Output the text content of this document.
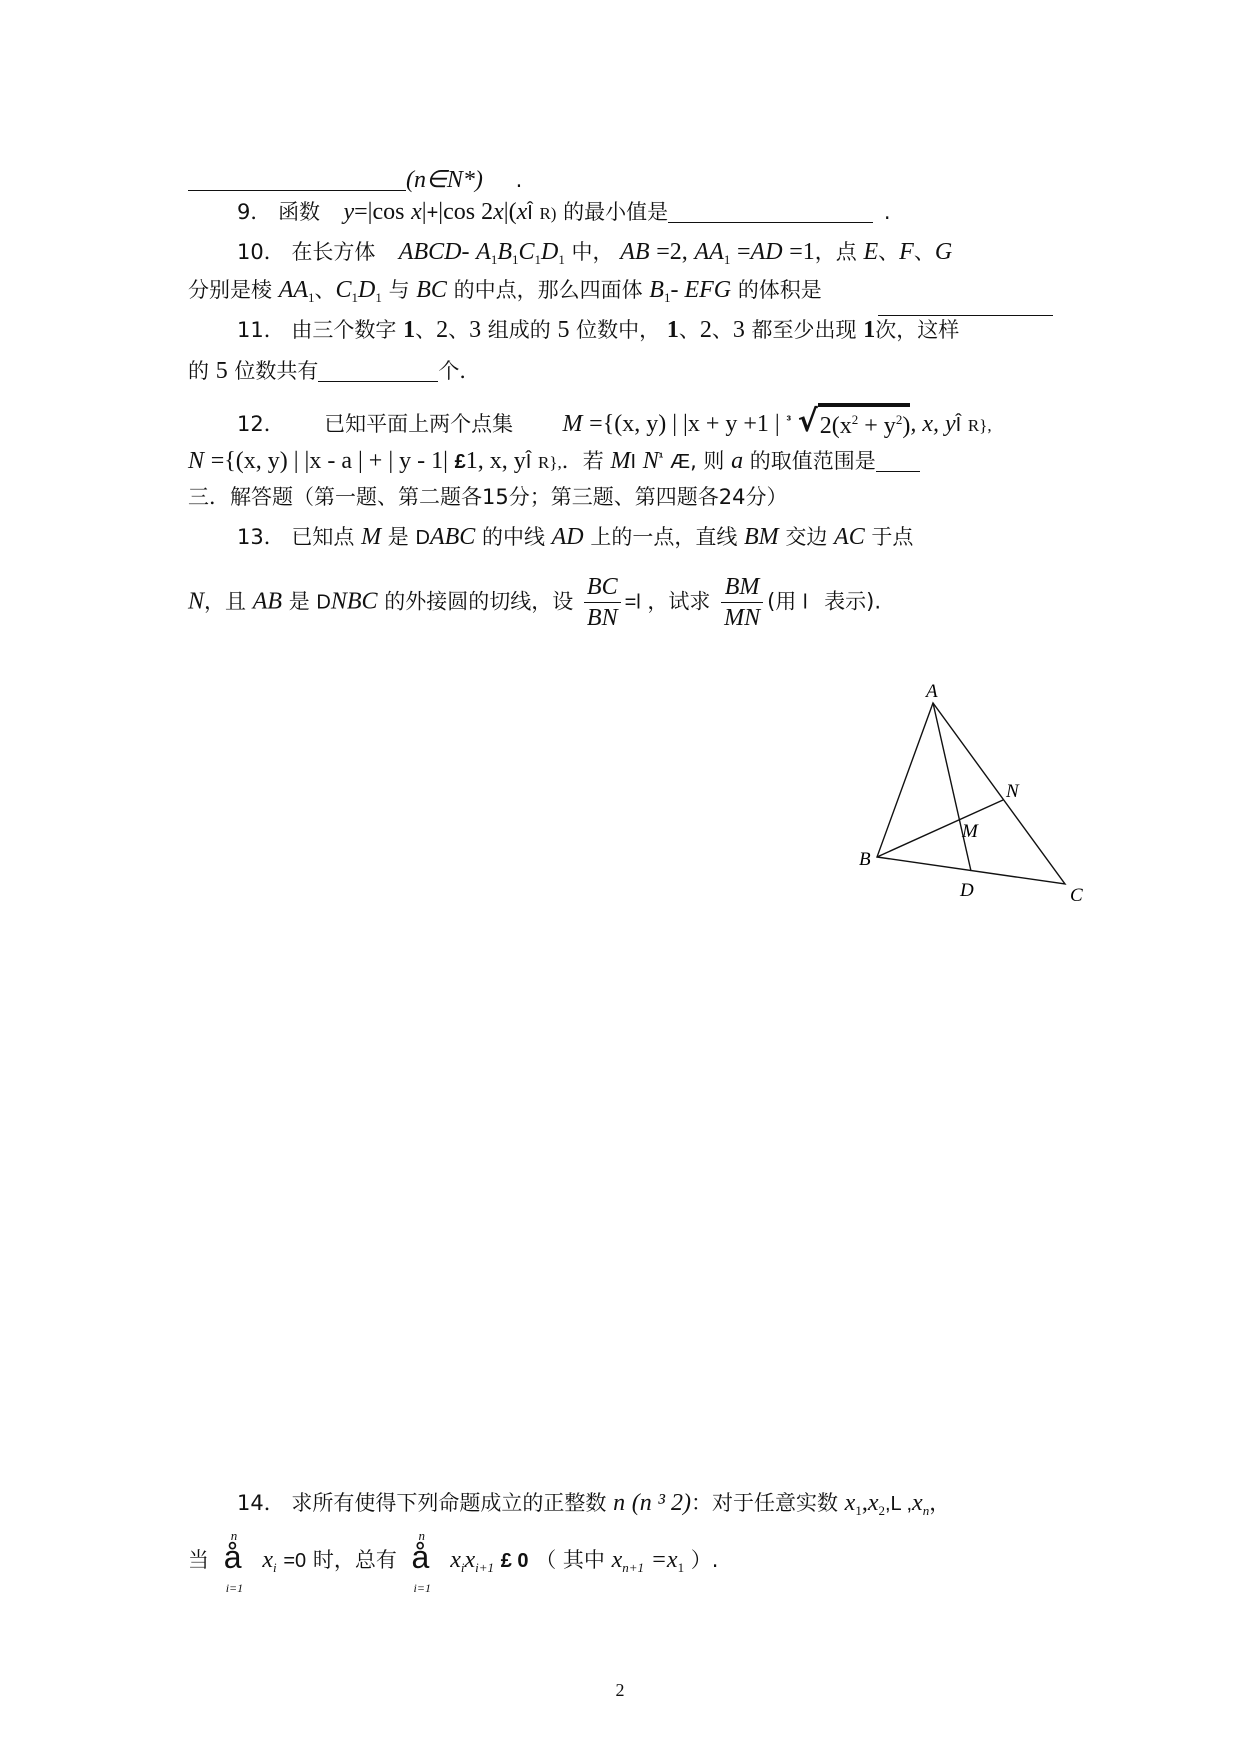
(n∈N*) .
9． 函数 y=|cos x|+|cos 2x|(xÎ R) 的最小值是	.
10． 在长方体 ABCD- $A_1B_1C_1D_1$ 中， AB =2, $AA_1 =AD =1$，点 E、F、G
分别是棱 $AA_1$、$C_1D_1$ 与 BC 的中点，那么四面体 $B_1-$ EFG 的体积是
11． 由三个数字 1、2、3 组成的 5 位数中， 1、2、3 都至少出现 1次，这样
的 5 位数共有	个．
12． 已知平面上两个点集 M ={(x, y) | |x + y +1 | $^{^3}$ $√2(x^2 + y^2)$, x, yÎ R},
N ={(x, y) | |x - a | + | y - 1| £1, x, yÎ R},．若 MI $N^{^1}$ Æ, 则 a 的取值范围是
三．解答题（第一题、第二题各15分；第三题、第四题各24分）
13． 已知点 M 是 DABC 的中线 AD 上的一点，直线 BM 交边 AC 于点
N，且 AB 是 DNBC 的外接圆的切线，设 $\frac{BC}{BN} =l$ ，试求 $\frac{BM}{MN}$ (用 l 表示).
A
B
C
D
M
N
14． 求所有使得下列命题成立的正整数 n (n ³ 2)：对于任意实数 $x_1,x_2,L$ $,x_n$，
当
n
å
i=1
$x_i =0$ 时，总有
n
å
i=1
$x_ix_{i+1}$ £ 0 （ 其中 $x_{n+1} =x_1$ ）.
2
